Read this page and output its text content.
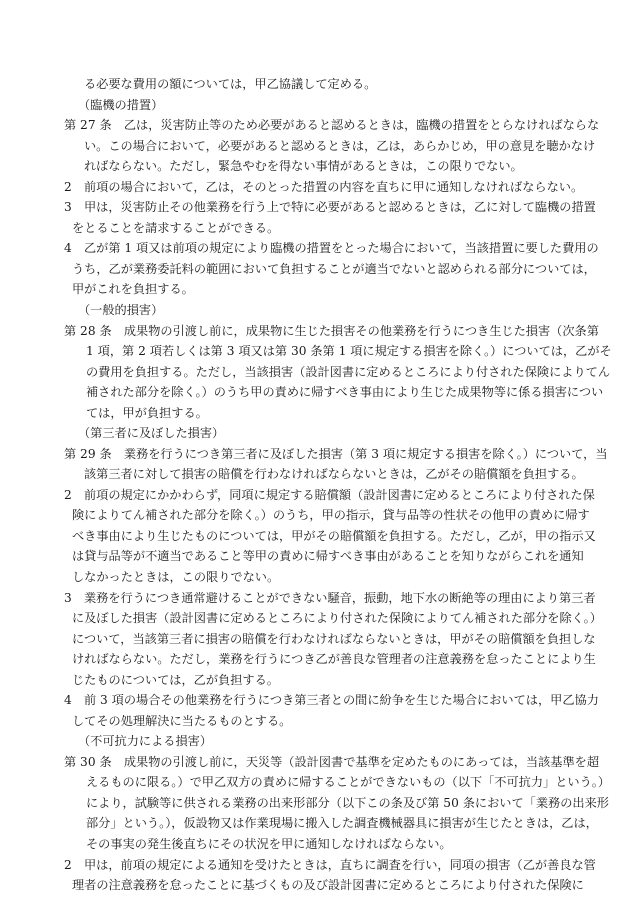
る必要な費用の額については，甲乙協議して定める。
（臨機の措置）
第 27 条　乙は，災害防止等のため必要があると認めるときは，臨機の措置をとらなければならな
い。この場合において，必要があると認めるときは，乙は，あらかじめ，甲の意見を聴かなけ
ればならない。ただし，緊急やむを得ない事情があるときは，この限りでない。
2　前項の場合において，乙は，そのとった措置の内容を直ちに甲に通知しなければならない。
3　甲は，災害防止その他業務を行う上で特に必要があると認めるときは，乙に対して臨機の措置
をとることを請求することができる。
4　乙が第 1 項又は前項の規定により臨機の措置をとった場合において，当該措置に要した費用の
うち，乙が業務委託料の範囲において負担することが適当でないと認められる部分については，
甲がこれを負担する。
（一般的損害）
第 28 条　成果物の引渡し前に，成果物に生じた損害その他業務を行うにつき生じた損害（次条第
1 項，第 2 項若しくは第 3 項又は第 30 条第 1 項に規定する損害を除く。）については，乙がそ
の費用を負担する。ただし，当該損害（設計図書に定めるところにより付された保険によりてん
補された部分を除く。）のうち甲の責めに帰すべき事由により生じた成果物等に係る損害につい
ては，甲が負担する。
（第三者に及ぼした損害）
第 29 条　業務を行うにつき第三者に及ぼした損害（第 3 項に規定する損害を除く。）について，当
該第三者に対して損害の賠償を行わなければならないときは，乙がその賠償額を負担する。
2　前項の規定にかかわらず，同項に規定する賠償額（設計図書に定めるところにより付された保
険によりてん補された部分を除く。）のうち，甲の指示，貸与品等の性状その他甲の責めに帰す
べき事由により生じたものについては，甲がその賠償額を負担する。ただし，乙が，甲の指示又
は貸与品等が不適当であること等甲の責めに帰すべき事由があることを知りながらこれを通知
しなかったときは，この限りでない。
3　業務を行うにつき通常避けることができない騒音，振動，地下水の断絶等の理由により第三者
に及ぼした損害（設計図書に定めるところにより付された保険によりてん補された部分を除く。）
について，当該第三者に損害の賠償を行わなければならないときは，甲がその賠償額を負担しな
ければならない。ただし，業務を行うにつき乙が善良な管理者の注意義務を怠ったことにより生
じたものについては，乙が負担する。
4　前 3 項の場合その他業務を行うにつき第三者との間に紛争を生じた場合においては，甲乙協力
してその処理解決に当たるものとする。
（不可抗力による損害）
第 30 条　成果物の引渡し前に，天災等（設計図書で基準を定めたものにあっては，当該基準を超
えるものに限る。）で甲乙双方の責めに帰することができないもの（以下「不可抗力」という。）
により，試験等に供される業務の出来形部分（以下この条及び第 50 条において「業務の出来形
部分」という。），仮設物又は作業現場に搬入した調査機械器具に損害が生じたときは，乙は，
その事実の発生後直ちにその状況を甲に通知しなければならない。
2　甲は，前項の規定による通知を受けたときは，直ちに調査を行い，同項の損害（乙が善良な管
理者の注意義務を怠ったことに基づくもの及び設計図書に定めるところにより付された保険に
